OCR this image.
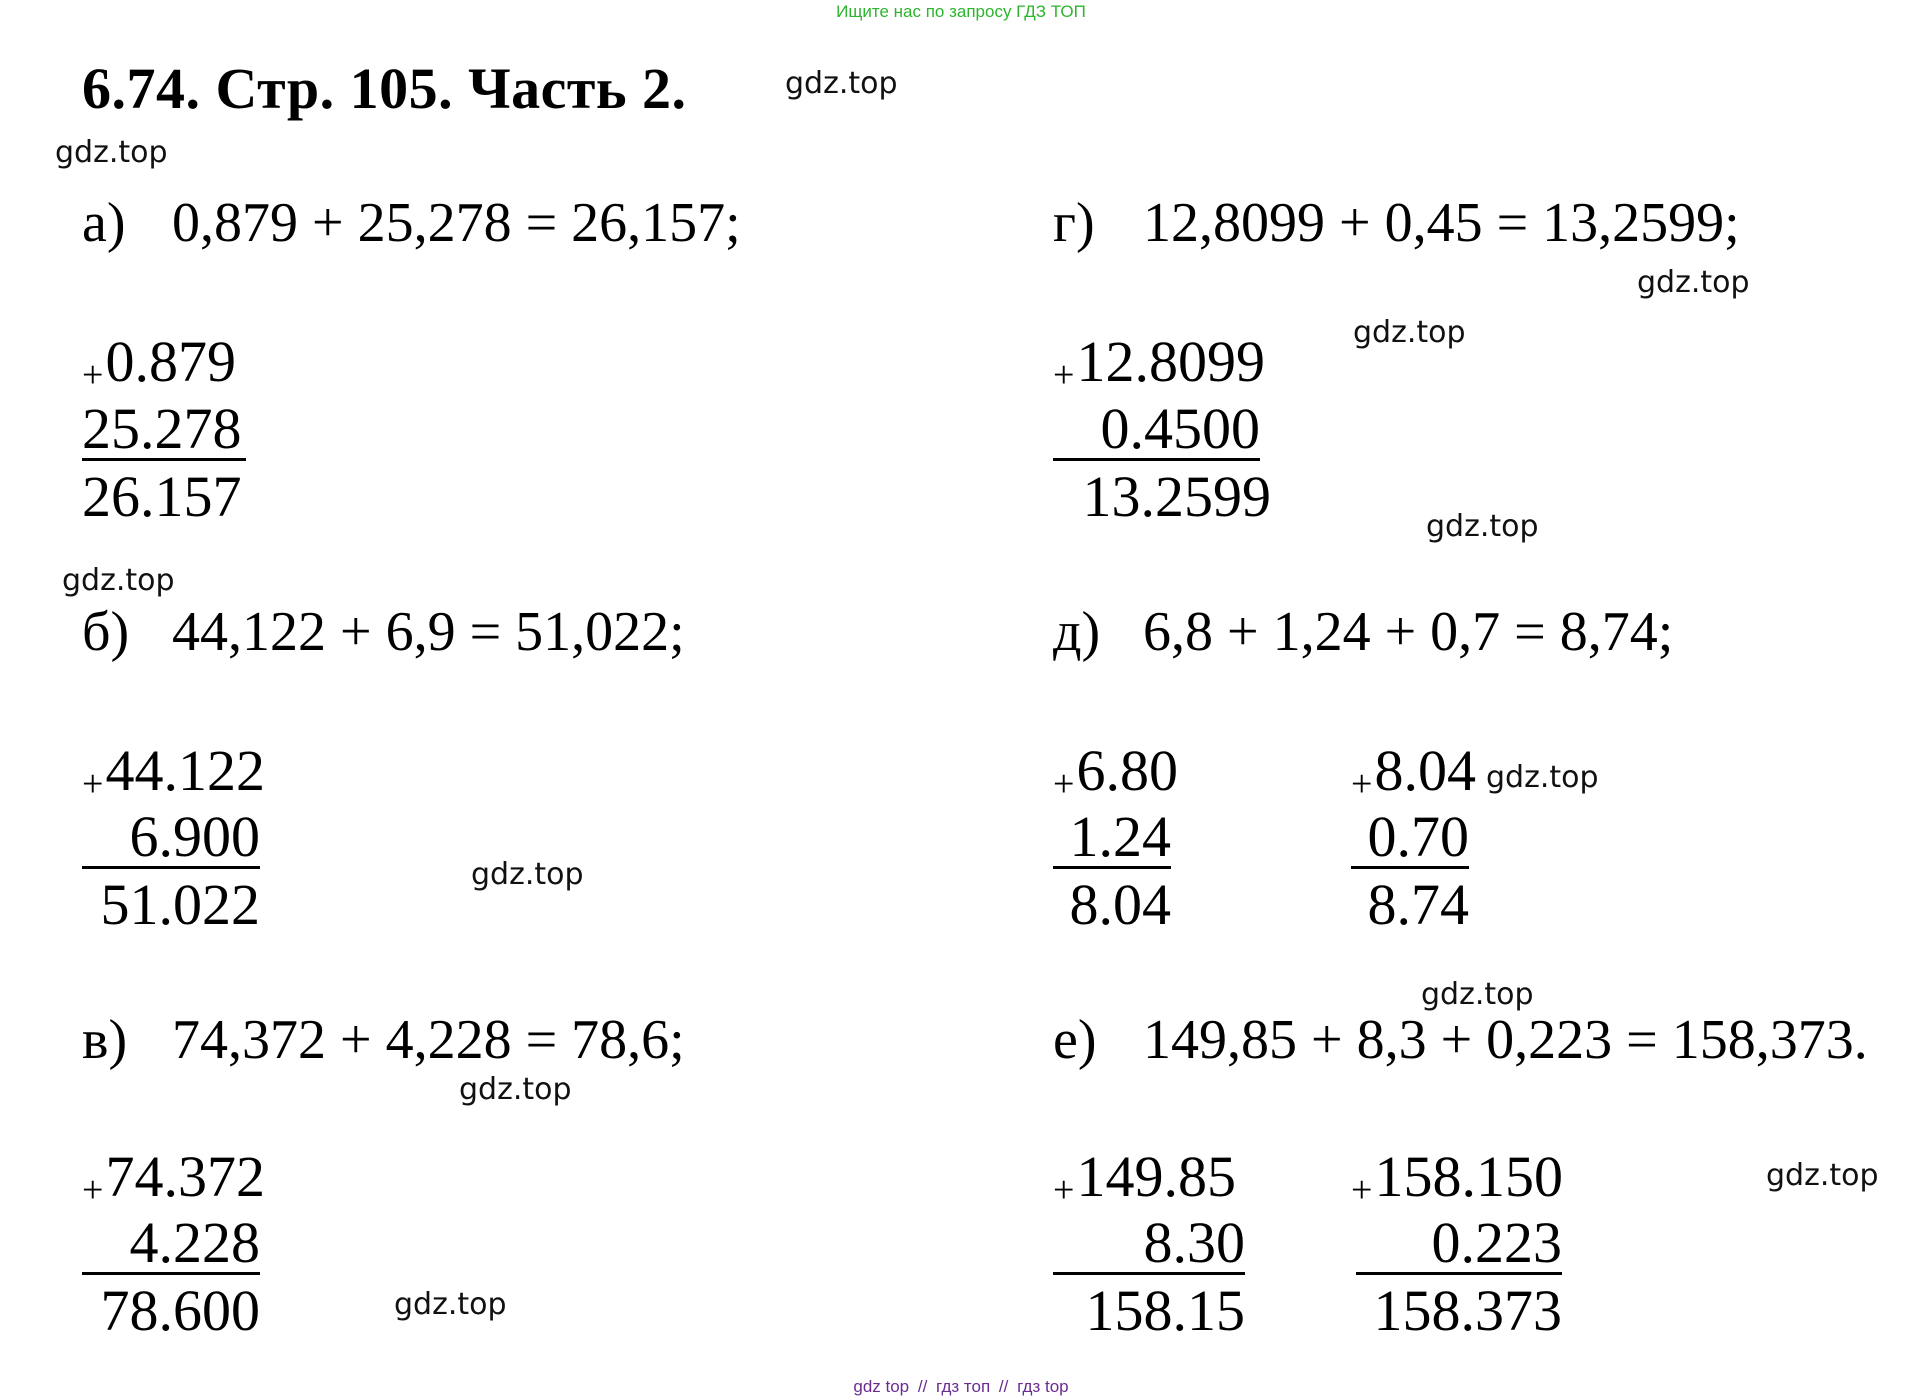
Ищите нас по запросу ГДЗ ТОП
6.74. Стр. 105. Часть 2.	gdz.top
gdz.top
gdz.top
gdz.top
gdz.top
gdz.top
gdz.top
gdz.top
gdz.top
gdz.top
gdz.top
gdz.top
а) 0,879 + 25,278 = 26,157;
+0.879
25.278
26.157
б) 44,122 + 6,9 = 51,022;
+44.122
6.900
51.022
в) 74,372 + 4,228 = 78,6;
+74.372
4.228
78.600
г) 12,8099 + 0,45 = 13,2599;
+12.8099
0.4500
13.2599
д) 6,8 + 1,24 + 0,7 = 8,74;
+6.80
1.24
8.04
+8.04
0.70
8.74
е) 149,85 + 8,3 + 0,223 = 158,373.
+149.85
8.30
158.15
+158.150
0.223
158.373
gdz top // гдз топ // гдз top
